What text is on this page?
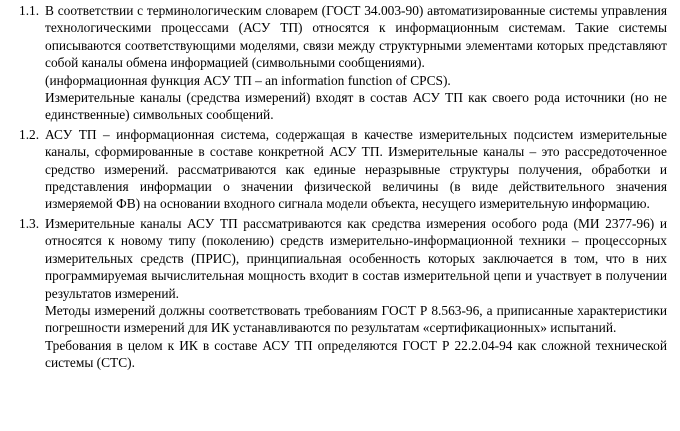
1.1. В соответствии с терминологическим словарем (ГОСТ 34.003-90) автоматизированные системы управления технологическими процессами (АСУ ТП) относятся к информационным системам. Такие системы описываются соответствующими моделями, связи между структурными элементами которых представляют собой каналы обмена информацией (символьными сообщениями).

(информационная функция АСУ ТП – an information function of CPCS).

Измерительные каналы (средства измерений) входят в состав АСУ ТП как своего рода источники (но не единственные) символьных сообщений.

1.2. АСУ ТП – информационная система, содержащая в качестве измерительных подсистем измерительные каналы, сформированные в составе конкретной АСУ ТП. Измерительные каналы – это рассредоточенное средство измерений. рассматриваются как единые неразрывные структуры получения, обработки и представления информации о значении физической величины (в виде действительного значения измеряемой ФВ) на основании входного сигнала модели объекта, несущего измерительную информацию.

1.3. Измерительные каналы АСУ ТП рассматриваются как средства измерения особого рода (МИ 2377-96) и относятся к новому типу (поколению) средств измерительно-информационной техники – процессорных измерительных средств (ПРИС), принципиальная особенность которых заключается в том, что в них программируемая вычислительная мощность входит в состав измерительной цепи и участвует в получении результатов измерений.

Методы измерений должны соответствовать требованиям ГОСТ Р 8.563-96, а приписанные характеристики погрешности измерений для ИК устанавливаются по результатам «сертификационных» испытаний.

Требования в целом к ИК в составе АСУ ТП определяются ГОСТ Р 22.2.04-94 как сложной технической системы (СТС).
